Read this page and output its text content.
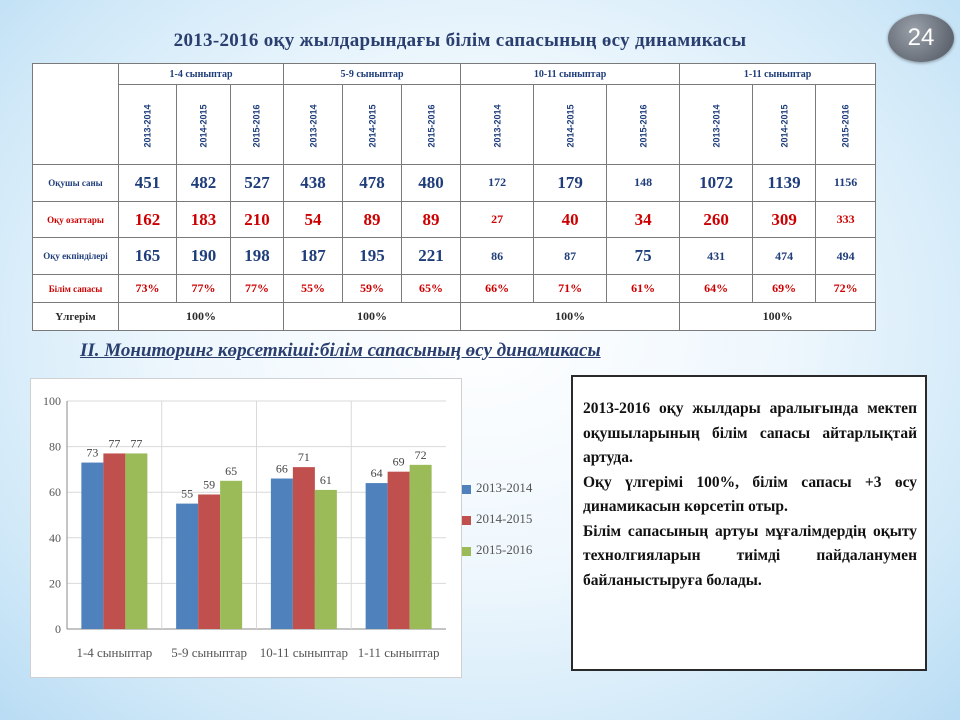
2013-2016 оқу жылдарындағы білім сапасының өсу динамикасы	24
	1-4 сыныптар			5-9 сыныптар			10-11 сыныптар			1-11 сыныптар		
	2013-2014	2014-2015	2015-2016	2013-2014	2014-2015	2015-2016	2013-2014	2014-2015	2015-2016	2013-2014	2014-2015	2015-2016
Оқушы саны	451	482	527	438	478	480	172	179	148	1072	1139	1156
Оқу озаттары	162	183	210	54	89	89	27	40	34	260	309	333
Оқу екпінділері	165	190	198	187	195	221	86	87	75	431	474	494
Білім сапасы	73%	77%	77%	55%	59%	65%	66%	71%	61%	64%	69%	72%
Үлгерім	100%			100%			100%			100%		
ІІ. Мониторинг көрсеткіші:білім сапасының өсу динамикасы
0
20
40
60
80
100
73
77 77
1-4 сыныптар
55
59
65
5-9 сыныптар
66
71
61
10-11 сыныптар
64
69 72
1-11 сыныптар
2013-2014
2014-2015
2015-2016

2013-2016 оқу жылдары аралығында мектеп оқушыларының білім сапасы айтарлықтай артуда.

Оқу үлгерімі 100%, білім сапасы +3 өсу динамикасын көрсетіп отыр.

Білім сапасының артуы мұғалімдердің оқыту технолгияларын тиімді пайдаланумен байланыстыруға болады.
